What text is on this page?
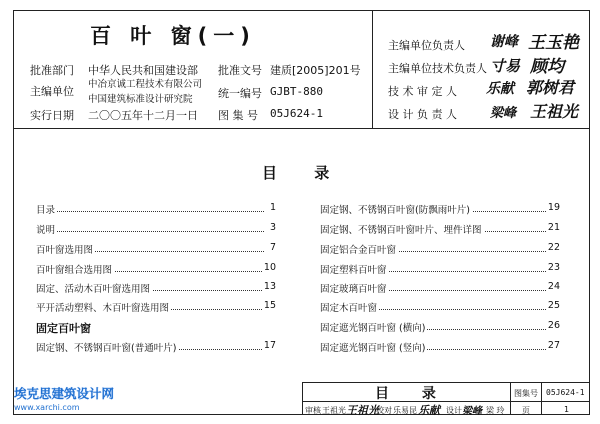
百 叶 窗(一)
批准部门 中华人民共和国建设部
主编单位
中冶京诚工程技术有限公司
中国建筑标准设计研究院
实行日期 二〇〇五年十二月一日
批准文号 建质[2005]201号
统一编号 GJBT-880
图 集 号 05J624-1
主编单位负责人 谢峰 王玉艳
主编单位技术负责人 寸易 顾均
技 术 审 定 人 乐献 郭树君
设 计 负 责 人	梁峰 王祖光
目 录
目录	1
说明	3
百叶窗选用图	7
百叶窗组合选用图	10
固定、活动木百叶窗选用图	13
平开活动塑料、木百叶窗选用图	15
固定百叶窗
固定钢、不锈钢百叶窗(普通叶片)	17
固定钢、不锈钢百叶窗(防飘雨叶片)	19
固定钢、不锈钢百叶窗叶片、埋件详图	21
固定铝合金百叶窗	22
固定塑料百叶窗	23
固定玻璃百叶窗	24
固定木百叶窗	25
固定遮光钢百叶窗 (横向)	26
固定遮光钢百叶窗 (竖向)	27
目 录	图集号 05J624-1
审核 王祖光 王祖光
校对 乐易昆 乐献 设计 梁峰 梁 玲 页	1
埃克思建筑设计网
www.xarchi.com
